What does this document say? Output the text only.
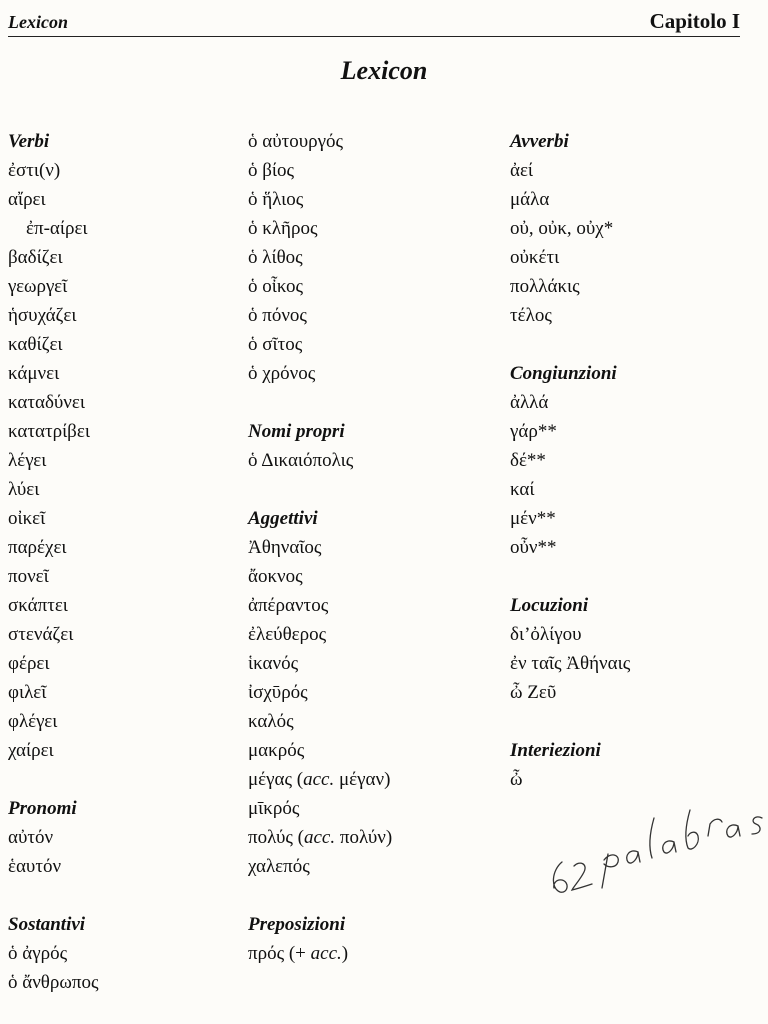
Lexicon	Capitolo I
Lexicon
Verbi
ἐστι(ν)
αἴρει
ἐπ-αίρει
βαδίζει
γεωργεῖ
ἡσυχάζει
καθίζει
κάμνει
καταδύνει
κατατρίβει
λέγει
λύει
οἰκεῖ
παρέχει
πονεῖ
σκάπτει
στενάζει
φέρει
φιλεῖ
φλέγει
χαίρει
Pronomi
αὐτόν
ἑαυτόν
Sostantivi
ὁ ἀγρός
ὁ ἄνθρωπος
ὁ αὐτουργός
ὁ βίος
ὁ ἥλιος
ὁ κλῆρος
ὁ λίθος
ὁ οἶκος
ὁ πόνος
ὁ σῖτος
ὁ χρόνος
Nomi propri
ὁ Δικαιόπολις
Aggettivi
Ἀθηναῖος
ἄοκνος
ἀπέραντος
ἐλεύθερος
ἱκανός
ἰσχῡρός
καλός
μακρός
μέγας (acc. μέγαν)
μῑκρός
πολύς (acc. πολύν)
χαλεπός
Preposizioni
πρός (+ acc.)
Avverbi
ἀεί
μάλα
οὐ, οὐκ, οὐχ*
οὐκέτι
πολλάκις
τέλος
Congiunzioni
ἀλλά
γάρ**
δέ**
καί
μέν**
οὖν**
Locuzioni
δι’ὀλίγου
ἐν ταῖς Ἀθήναις
ὦ Ζεῦ
Interiezioni
ὦ
